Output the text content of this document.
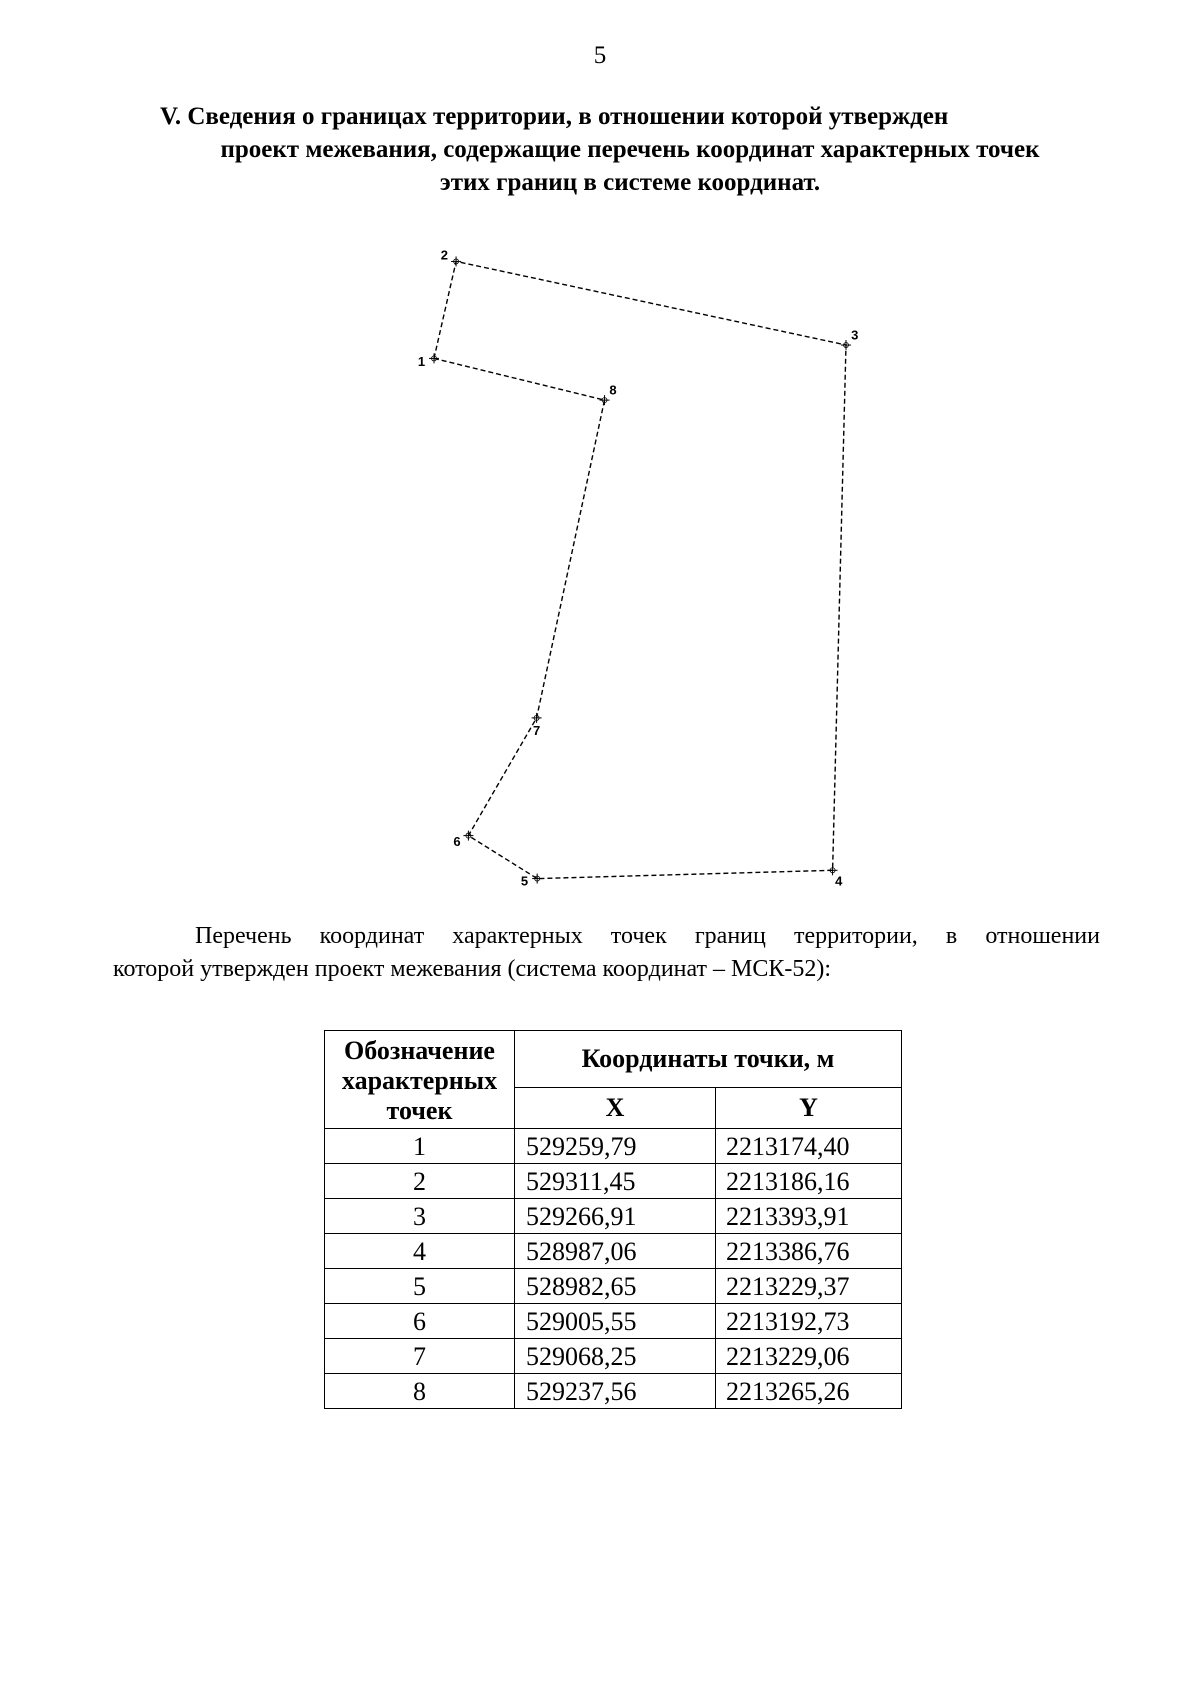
5
V. Сведения о границах территории, в отношении которой утвержден
проект межевания, содержащие перечень координат характерных точек
этих границ в системе координат.
1
2
3
4
5
6
7
8
Перечень координат характерных точек границ территории, в отношении
которой утвержден проект межевания (система координат – МСК-52):
Обозначение характерных точек	Координаты точки, м	
	X	Y
1	529259,79	2213174,40
2	529311,45	2213186,16
3	529266,91	2213393,91
4	528987,06	2213386,76
5	528982,65	2213229,37
6	529005,55	2213192,73
7	529068,25	2213229,06
8	529237,56	2213265,26
